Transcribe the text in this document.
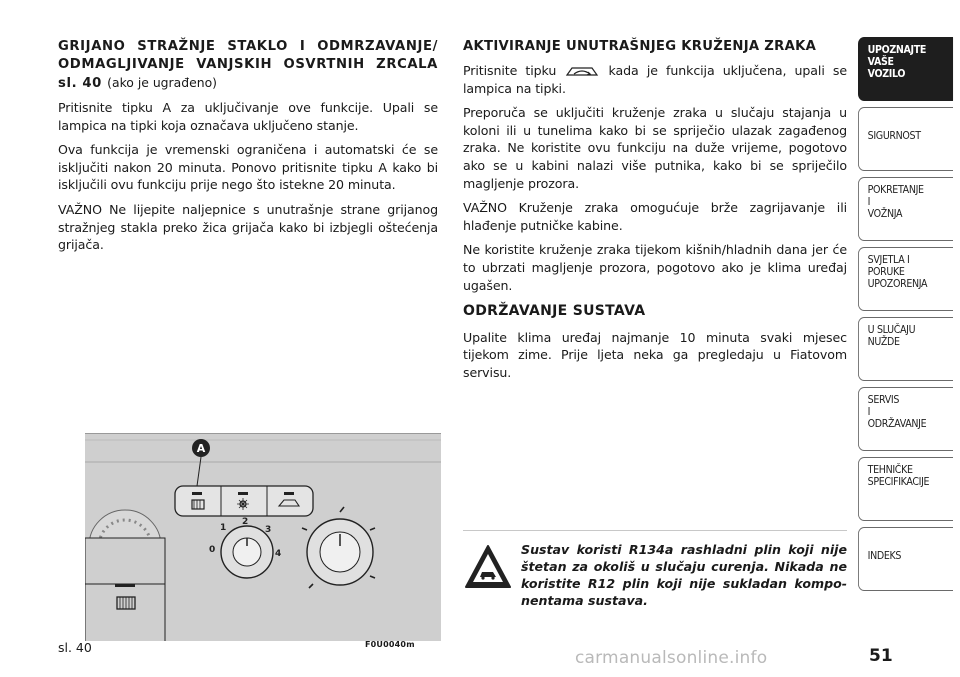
GRIJANO STRAŽNJE STAKLO I ODMRZAVANJE/ ODMAGLJIVANJE VANJSKIH OSVRTNIH ZRCALA sl. 40 (ako je ugrađeno)

Pritisnite tipku A za uključivanje ove funkcije. Upali se lampica na tipki koja označava uključeno stanje.

Ova funkcija je vremenski ograničena i automatski će se isključiti nakon 20 minuta. Ponovo pritisnite tipku A kako bi isključili ovu funkciju prije nego što istekne 20 minuta.

VAŽNO Ne lijepite naljepnice s unutrašnje strane grijanog stražnjeg stakla preko žica grijača kako bi izbjegli oštećenja grijača.

AKTIVIRANJE UNUTRAŠNJEG KRUŽENJA ZRAKA

Pritisnite tipku	kada je funkcija uključena, upali se lampica na tipki.

Preporuča se uključiti kruženje zraka u slučaju stajanja u koloni ili u tunelima kako bi se spriječio ulazak zagađenog zraka. Ne koristite ovu funkciju na duže vrijeme, pogotovo ako se u kabini nalazi više putnika, kako bi se spriječilo magljenje prozora.

VAŽNO Kruženje zraka omogućuje brže zagrijavanje ili hlađenje putničke kabine.

Ne koristite kruženje zraka tijekom kišnih/hladnih dana jer će to ubrzati magljenje prozora, pogotovo ako je klima uređaj ugašen.

ODRŽAVANJE SUSTAVA

Upalite klima uređaj najmanje 10 minuta svaki mjesec tijekom zime. Prije ljeta neka ga pregledaju u Fiatovom servisu.

A
0
1
2
3
4
sl. 40	F0U0040m
Sustav koristi R134a rashladni plin koji nije štetan za okoliš u slučaju curenja. Nikada ne koristite R12 plin koji nije sukladan kompo-nentama sustava.
UPOZNAJTE
VAŠE
VOZILO
SIGURNOST
POKRETANJE
I
VOŽNJA
SVJETLA I
PORUKE
UPOZORENJA
U SLUČAJU
NUŽDE
SERVIS
I
ODRŽAVANJE
TEHNIČKE
SPECIFIKACIJE
INDEKS
51
carmanualsonline.info
